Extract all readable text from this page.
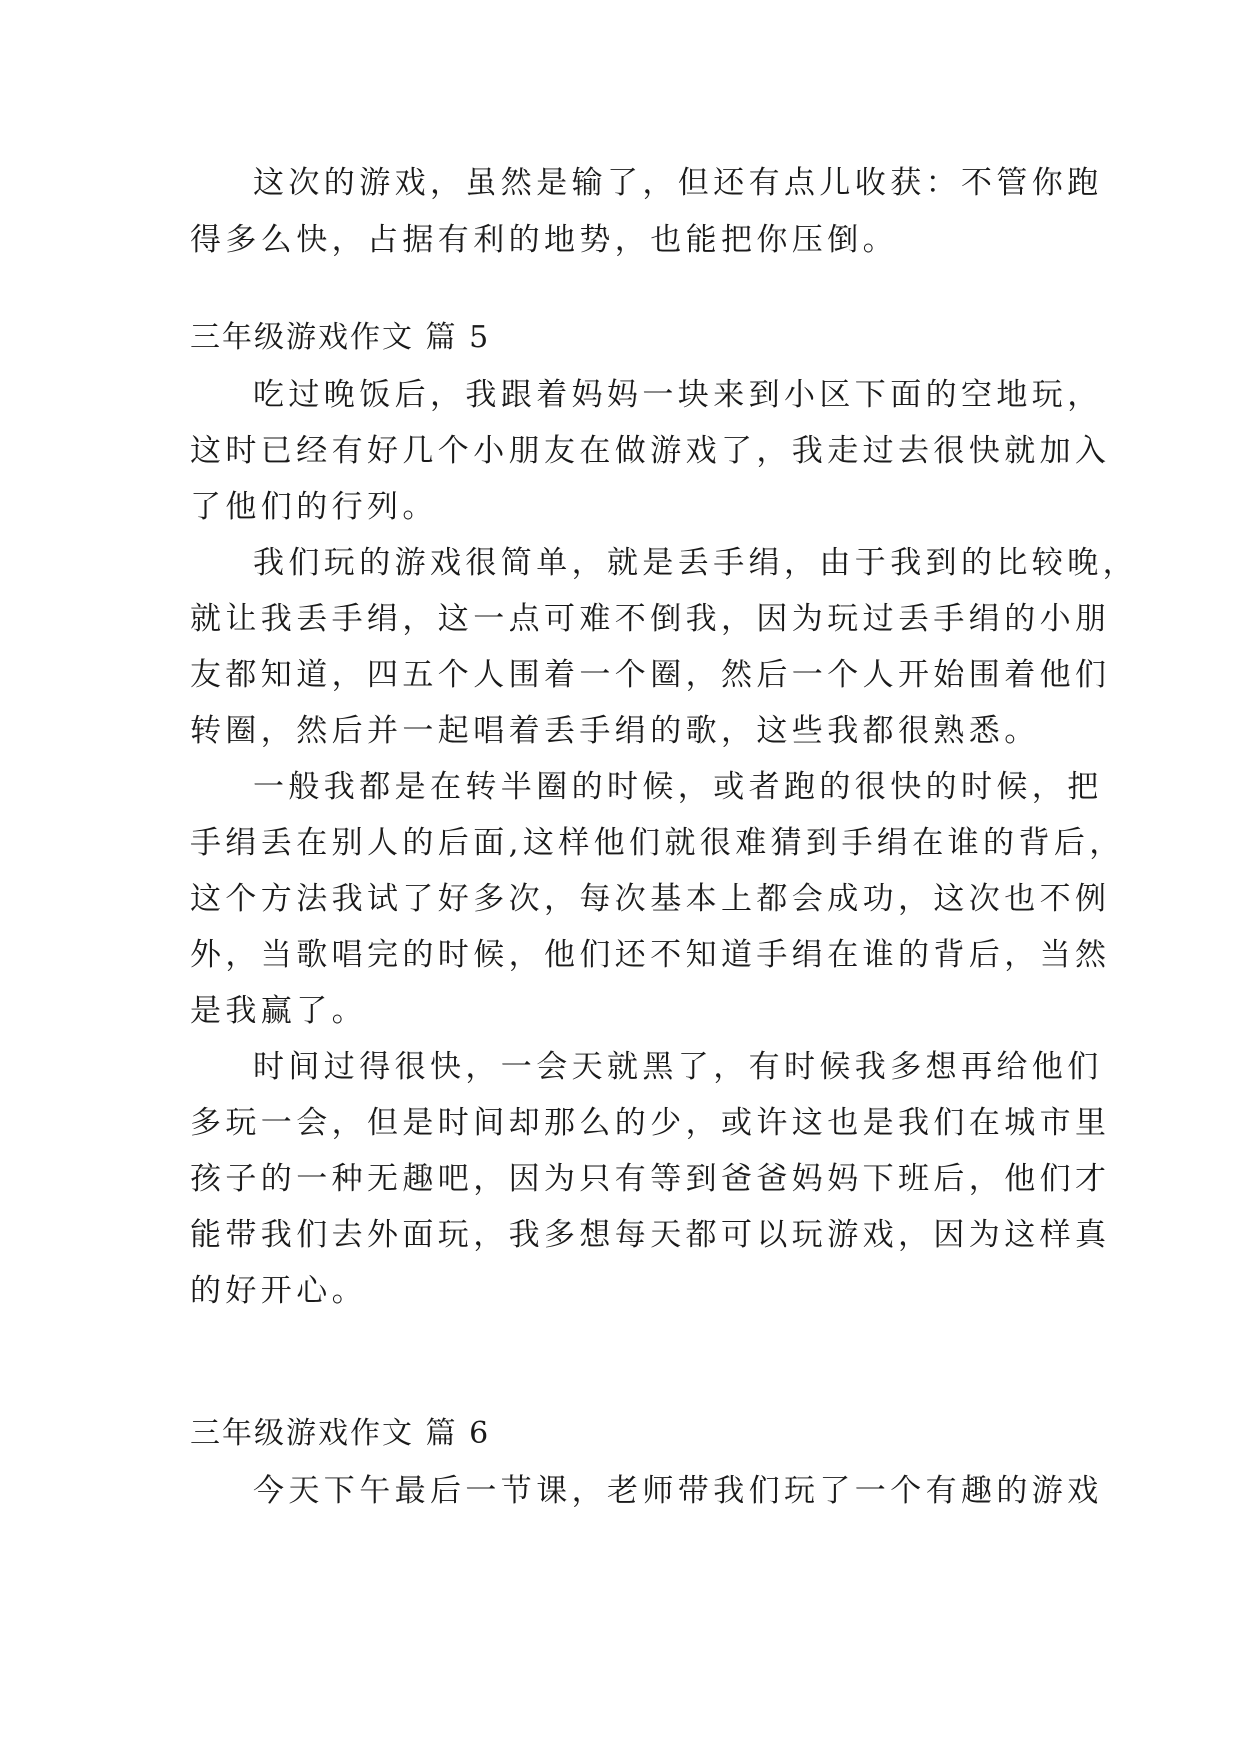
这次的游戏，虽然是输了，但还有点儿收获：不管你跑
得多么快，占据有利的地势，也能把你压倒。
三年级游戏作文 篇 5
吃过晚饭后，我跟着妈妈一块来到小区下面的空地玩，
这时已经有好几个小朋友在做游戏了，我走过去很快就加入
了他们的行列。
我们玩的游戏很简单，就是丢手绢，由于我到的比较晚，
就让我丢手绢，这一点可难不倒我，因为玩过丢手绢的小朋
友都知道，四五个人围着一个圈，然后一个人开始围着他们
转圈，然后并一起唱着丢手绢的歌，这些我都很熟悉。
一般我都是在转半圈的时候，或者跑的很快的时候，把
手绢丢在别人的后面,这样他们就很难猜到手绢在谁的背后，
这个方法我试了好多次，每次基本上都会成功，这次也不例
外，当歌唱完的时候，他们还不知道手绢在谁的背后，当然
是我赢了。
时间过得很快，一会天就黑了，有时候我多想再给他们
多玩一会，但是时间却那么的少，或许这也是我们在城市里
孩子的一种无趣吧，因为只有等到爸爸妈妈下班后，他们才
能带我们去外面玩，我多想每天都可以玩游戏，因为这样真
的好开心。
三年级游戏作文 篇 6
今天下午最后一节课，老师带我们玩了一个有趣的游戏
